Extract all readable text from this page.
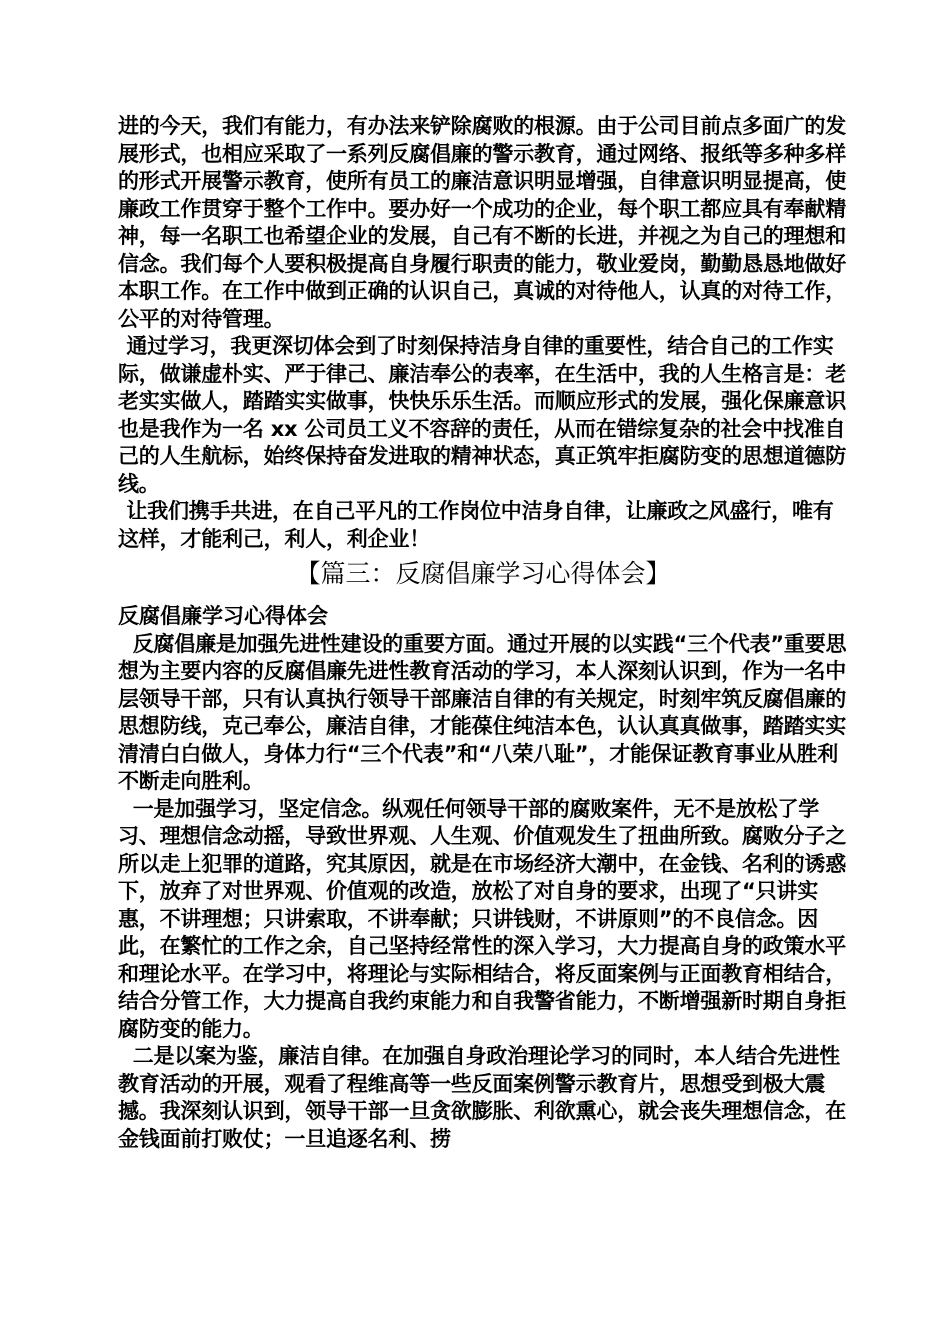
进的今天，我们有能力，有办法来铲除腐败的根源。由于公司目前点多面广的发展形式，也相应采取了一系列反腐倡廉的警示教育，通过网络、报纸等多种多样的形式开展警示教育，使所有员工的廉洁意识明显增强，自律意识明显提高，使廉政工作贯穿于整个工作中。要办好一个成功的企业，每个职工都应具有奉献精神，每一名职工也希望企业的发展，自己有不断的长进，并视之为自己的理想和

信念。我们每个人要积极提高自身履行职责的能力，敬业爱岗，勤勤恳恳地做好本职工作。在工作中做到正确的认识自己，真诚的对待他人，认真的对待工作，公平的对待管理。

通过学习，我更深切体会到了时刻保持洁身自律的重要性，结合自己的工作实际，做谦虚朴实、严于律己、廉洁奉公的表率，在生活中，我的人生格言是：老老实实做人，踏踏实实做事，快快乐乐生活。而顺应形式的发展，强化保廉意识也是我作为一名 xx 公司员工义不容辞的责任，从而在错综复杂的社会中找准自己的人生航标，始终保持奋发进取的精神状态，真正筑牢拒腐防变的思想道德防线。

让我们携手共进，在自己平凡的工作岗位中洁身自律，让廉政之风盛行，唯有这样，才能利己，利人，利企业！

【篇三：反腐倡廉学习心得体会】

反腐倡廉学习心得体会

反腐倡廉是加强先进性建设的重要方面。通过开展的以实践“三个代表”重要思想为主要内容的反腐倡廉先进性教育活动的学习，本人深刻认识到，作为一名中层领导干部，只有认真执行领导干部廉洁自律的有关规定，时刻牢筑反腐倡廉的思想防线，克己奉公，廉洁自律，才能葆住纯洁本色，认认真真做事，踏踏实实清清白白做人，身体力行“三个代表”和“八荣八耻”，才能保证教育事业从胜利不断走向胜利。

一是加强学习，坚定信念。纵观任何领导干部的腐败案件，无不是放松了学习、理想信念动摇，导致世界观、人生观、价值观发生了扭曲所致。腐败分子之所以走上犯罪的道路，究其原因，就是在市场经济大潮中，在金钱、名利的诱惑下，放弃了对世界观、价值观的改造，放松了对自身的要求，出现了“只讲实惠，不讲理想；只讲索取，不讲奉献；只讲钱财，不讲原则”的不良信念。因此，在繁忙的工作之余，自己坚持经常性的深入学习，大力提高自身的政策水平和理论水平。在学习中，将理论与实际相结合，将反面案例与正面教育相结合，结合分管工作，大力提高自我约束能力和自我警省能力，不断增强新时期自身拒腐防变的能力。

二是以案为鉴，廉洁自律。在加强自身政治理论学习的同时，本人结合先进性教育活动的开展，观看了程维高等一些反面案例警示教育片，思想受到极大震撼。我深刻认识到，领导干部一旦贪欲膨胀、利欲熏心，就会丧失理想信念，在金钱面前打败仗；一旦追逐名利、捞
